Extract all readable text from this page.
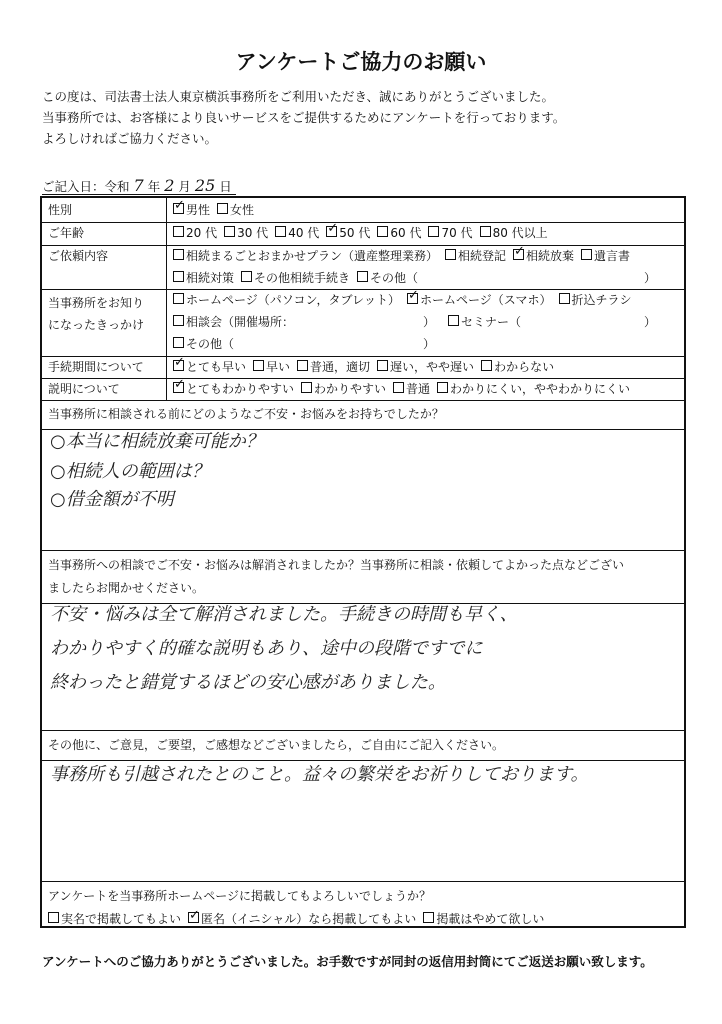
アンケートご協力のお願い
この度は、司法書士法人東京横浜事務所をご利用いただき、誠にありがとうございました。
当事務所では、お客様により良いサービスをご提供するためにアンケートを行っております。
よろしければご協力ください。
ご記入日：令和 7 年 2 月 25 日
性別 ✓	男性 女性
ご年齢	20 代 30 代 40 代 ✓ 50 代 60 代 70 代 80 代以上
ご依頼内容	相続まるごとおまかせプラン（遺産整理業務） 相続登記 ✓ 相続放棄 遺言書
相続対策 その他相続手続き その他（	）
当事務所をお知り
になったきっかけ
ホームページ（パソコン，タブレット） ✓ ホームページ（スマホ） 折込チラシ
相談会（開催場所：	）	セミナー（	）
その他（	）
手続期間について ✓	とても早い 早い 普通，適切 遅い，やや遅い わからない
説明について ✓	とてもわかりやすい わかりやすい 普通 わかりにくい，ややわかりにくい
当事務所に相談される前にどのようなご不安・お悩みをお持ちでしたか？
○本当に相続放棄可能か？
○相続人の範囲は？
○借金額が不明
当事務所への相談でご不安・お悩みは解消されましたか？当事務所に相談・依頼してよかった点などござい
ましたらお聞かせください。
不安・悩みは全て解消されました。手続きの時間も早く、
わかりやすく的確な説明もあり、途中の段階ですでに
終わったと錯覚するほどの安心感がありました。
その他に、ご意見，ご要望，ご感想などございましたら，ご自由にご記入ください。
事務所も引越されたとのこと。益々の繁栄をお祈りしております。
アンケートを当事務所ホームページに掲載してもよろしいでしょうか？
実名で掲載してもよい ✓ 匿名（イニシャル）なら掲載してもよい 掲載はやめて欲しい
アンケートへのご協力ありがとうございました。お手数ですが同封の返信用封筒にてご返送お願い致します。
